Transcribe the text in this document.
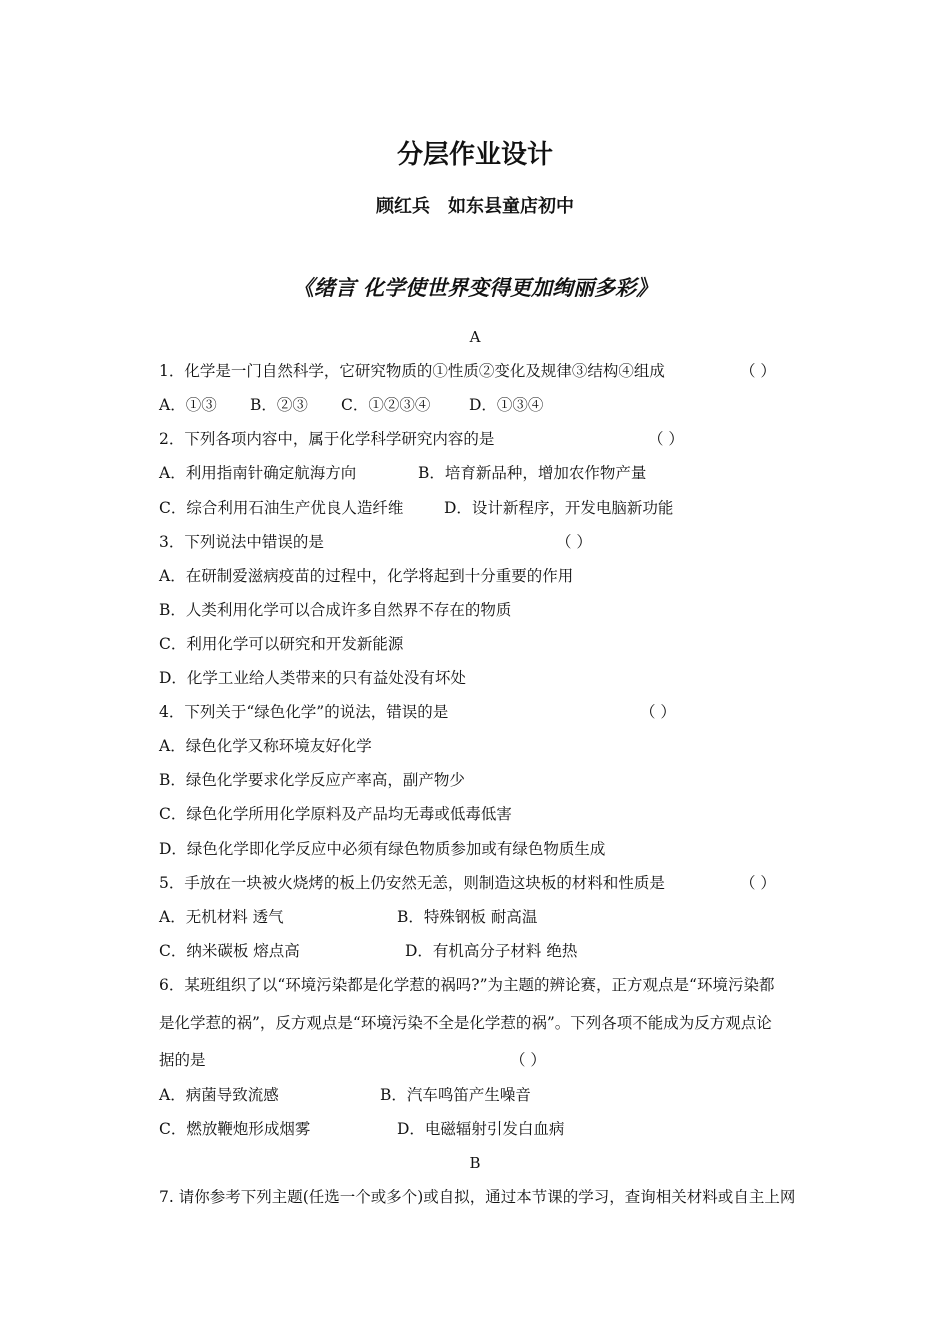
分层作业设计
顾红兵　如东县童店初中
《绪言 化学使世界变得更加绚丽多彩》
A
1．化学是一门自然科学，它研究物质的①性质②变化及规律③结构④组成	（ ）
A．①③ B．②③ C．①②③④ D．①③④
2．下列各项内容中，属于化学科学研究内容的是	（ ）
A．利用指南针确定航海方向	B．培育新品种，增加农作物产量
C．综合利用石油生产优良人造纤维	D．设计新程序，开发电脑新功能
3．下列说法中错误的是	（ ）
A．在研制爱滋病疫苗的过程中，化学将起到十分重要的作用
B．人类利用化学可以合成许多自然界不存在的物质
C．利用化学可以研究和开发新能源
D．化学工业给人类带来的只有益处没有坏处
4．下列关于“绿色化学”的说法，错误的是	（ ）
A．绿色化学又称环境友好化学
B．绿色化学要求化学反应产率高，副产物少
C．绿色化学所用化学原料及产品均无毒或低毒低害
D．绿色化学即化学反应中必须有绿色物质参加或有绿色物质生成
5．手放在一块被火烧烤的板上仍安然无恙，则制造这块板的材料和性质是	（ ）
A．无机材料 透气	B．特殊钢板 耐高温
C．纳米碳板 熔点高	D．有机高分子材料 绝热
6．某班组织了以“环境污染都是化学惹的祸吗?”为主题的辨论赛，正方观点是“环境污染都
是化学惹的祸”，反方观点是“环境污染不全是化学惹的祸”。下列各项不能成为反方观点论
据的是	（ ）
A．病菌导致流感	B．汽车鸣笛产生噪音
C．燃放鞭炮形成烟雾	D．电磁辐射引发白血病
B
7. 请你参考下列主题(任选一个或多个)或自拟，通过本节课的学习，查询相关材料或自主上网
